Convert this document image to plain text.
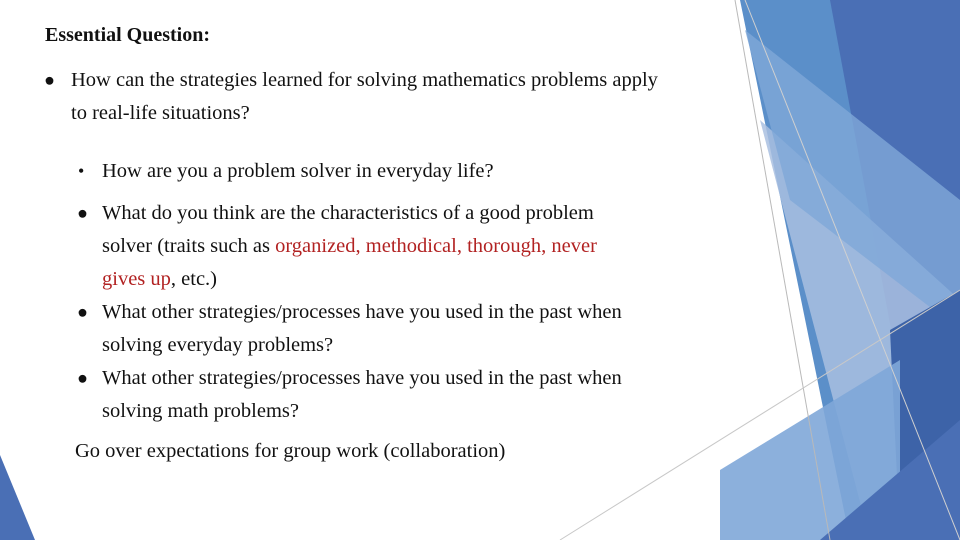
Essential Question:
⦁ How can the strategies learned for solving mathematics problems apply
to real-life situations?
• How are you a problem solver in everyday life?
⦁ What do you think are the characteristics of a good problem
solver (traits such as organized, methodical, thorough, never
gives up, etc.)
⦁ What other strategies/processes have you used in the past when
solving everyday problems?
⦁ What other strategies/processes have you used in the past when
solving math problems?
Go over expectations for group work (collaboration)
